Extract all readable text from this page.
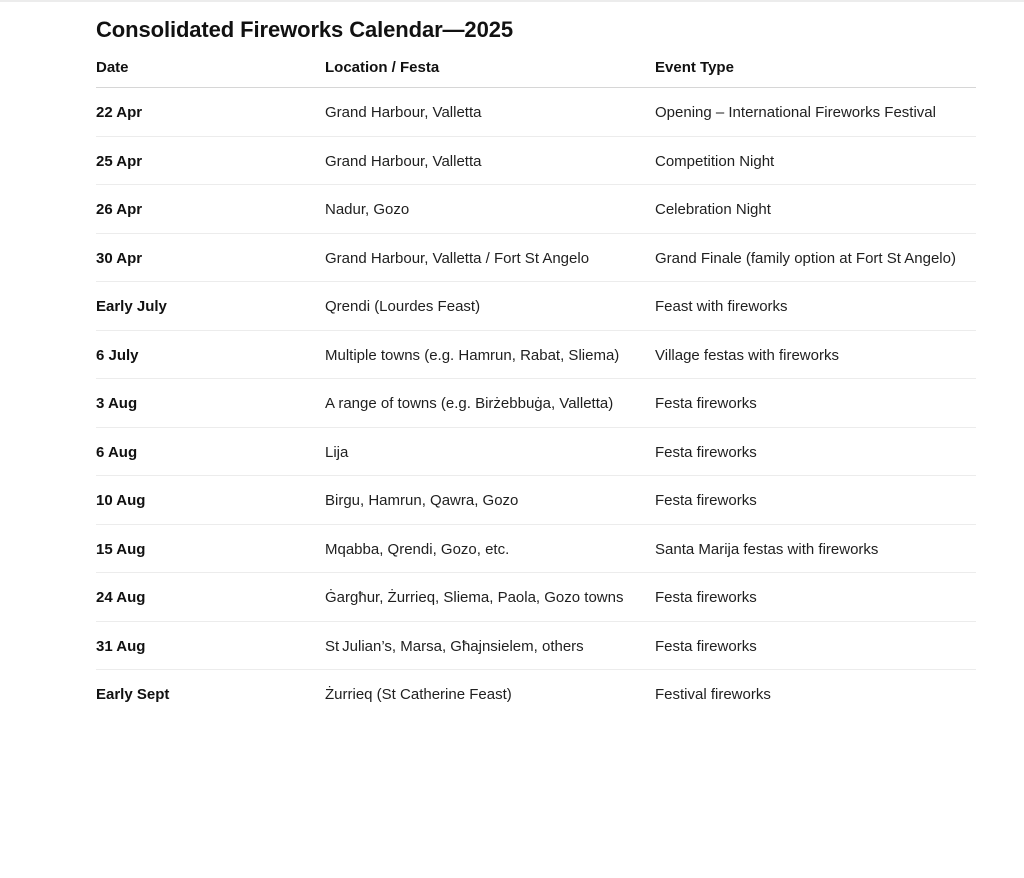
Consolidated Fireworks Calendar—2025
Date	Location / Festa	Event Type
22 Apr	Grand Harbour, Valletta	Opening – International Fireworks Festival
25 Apr	Grand Harbour, Valletta	Competition Night
26 Apr	Nadur, Gozo	Celebration Night
30 Apr	Grand Harbour, Valletta / Fort St Angelo	Grand Finale (family option at Fort St Angelo)
Early July	Qrendi (Lourdes Feast)	Feast with fireworks
6 July	Multiple towns (e.g. Hamrun, Rabat, Sliema)	Village festas with fireworks
3 Aug	A range of towns (e.g. Birżebbuġa, Valletta)	Festa fireworks
6 Aug	Lija	Festa fireworks
10 Aug	Birgu, Hamrun, Qawra, Gozo	Festa fireworks
15 Aug	Mqabba, Qrendi, Gozo, etc.	Santa Marija festas with fireworks
24 Aug	Ġargħur, Żurrieq, Sliema, Paola, Gozo towns	Festa fireworks
31 Aug	St Julian’s, Marsa, Għajnsielem, others	Festa fireworks
Early Sept	Żurrieq (St Catherine Feast)	Festival fireworks
